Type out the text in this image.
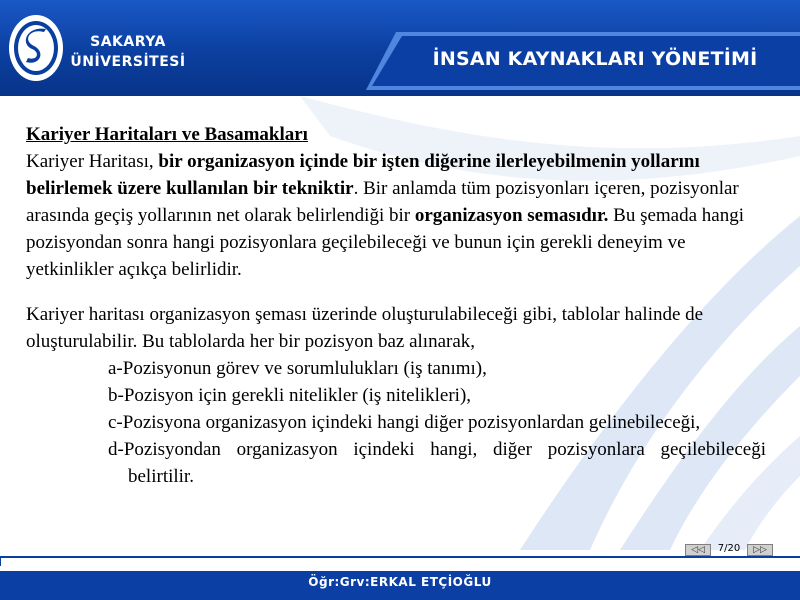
SAKARYA
ÜNİVERSİTESİ	İNSAN KAYNAKLARI YÖNETİMİ

Kariyer Haritaları ve Basamakları

Kariyer Haritası, bir organizasyon içinde bir işten diğerine ilerleyebilmenin yollarını belirlemek üzere kullanılan bir tekniktir. Bir anlamda tüm pozisyonları içeren, pozisyonlar arasında geçiş yollarının net olarak belirlendiği bir organizasyon semasıdır. Bu şemada hangi pozisyondan sonra hangi pozisyonlara geçilebileceği ve bunun için gerekli deneyim ve yetkinlikler açıkça belirlidir.

Kariyer haritası organizasyon şeması üzerinde oluşturulabileceği gibi, tablolar halinde de oluşturulabilir. Bu tablolarda her bir pozisyon baz alınarak,

a-Pozisyonun görev ve sorumlulukları (iş tanımı),

b-Pozisyon için gerekli nitelikler (iş nitelikleri),

c-Pozisyona organizasyon içindeki hangi diğer pozisyonlardan gelinebileceği,

d-Pozisyondan organizasyon içindeki hangi, diğer pozisyonlara geçilebileceği belirtilir.

◁◁	7/20	▷▷
Öğr:Grv:ERKAL ETÇİOĞLU
